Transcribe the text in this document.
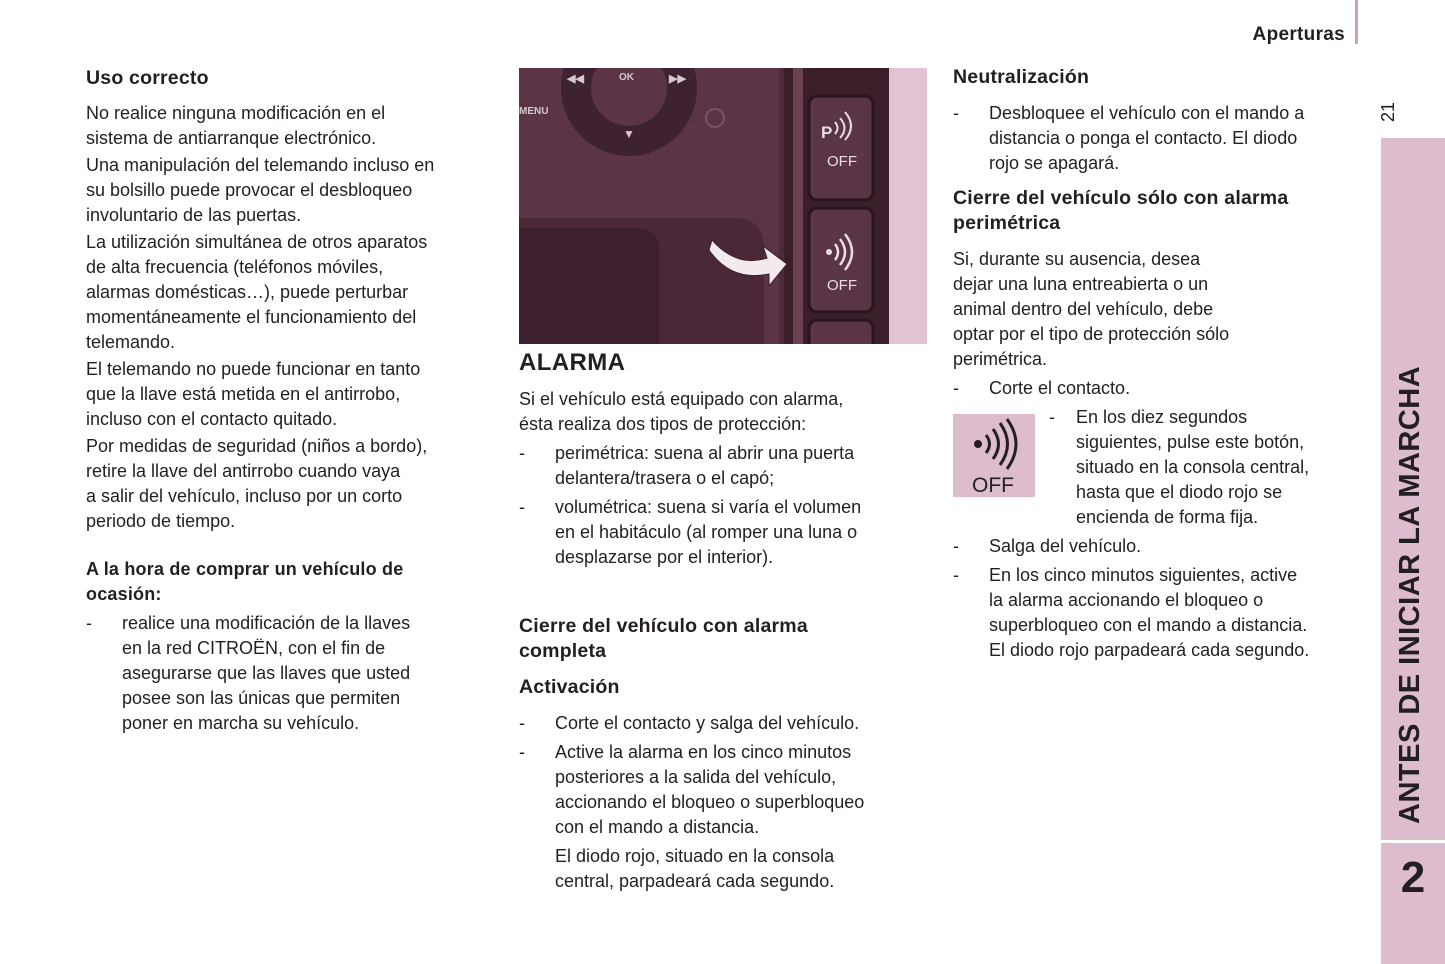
Aperturas
21
ANTES DE INICIAR LA MARCHA
2
Uso correcto

No realice ninguna modificación en el
sistema de antiarranque electrónico.

Una manipulación del telemando incluso en
su bolsillo puede provocar el desbloqueo
involuntario de las puertas.

La utilización simultánea de otros aparatos
de alta frecuencia (teléfonos móviles,
alarmas domésticas…), puede perturbar
momentáneamente el funcionamiento del
telemando.

El telemando no puede funcionar en tanto
que la llave está metida en el antirrobo,
incluso con el contacto quitado.

Por medidas de seguridad (niños a bordo),
retire la llave del antirrobo cuando vaya
a salir del vehículo, incluso por un corto
periodo de tiempo.

A la hora de comprar un vehículo de
ocasión:
- realice una modificación de la llaves
en la red CITROËN, con el fin de
asegurarse que las llaves que usted
posee son las únicas que permiten
poner en marcha su vehículo.
◀◀	OK	▶▶
▼
MENU
P
OFF
OFF
ALARMA

Si el vehículo está equipado con alarma,
ésta realiza dos tipos de protección:

- perimétrica: suena al abrir una puerta
delantera/trasera o el capó;
- volumétrica: suena si varía el volumen
en el habitáculo (al romper una luna o
desplazarse por el interior).
Cierre del vehículo con alarma
completa
Activación
- Corte el contacto y salga del vehículo.
- Active la alarma en los cinco minutos
posteriores a la salida del vehículo,
accionando el bloqueo o superbloqueo
con el mando a distancia.
El diodo rojo, situado en la consola
central, parpadeará cada segundo.
Neutralización
- Desbloquee el vehículo con el mando a
distancia o ponga el contacto. El diodo
rojo se apagará.
Cierre del vehículo sólo con alarma
perimétrica

Si, durante su ausencia, desea
dejar una luna entreabierta o un
animal dentro del vehículo, debe
optar por el tipo de protección sólo
perimétrica.

- Corte el contacto.
- En los diez segundos
siguientes, pulse este botón,
situado en la consola central,
hasta que el diodo rojo se
encienda de forma fija.
- Salga del vehículo.
- En los cinco minutos siguientes, active
la alarma accionando el bloqueo o
superbloqueo con el mando a distancia.
El diodo rojo parpadeará cada segundo.
OFF
